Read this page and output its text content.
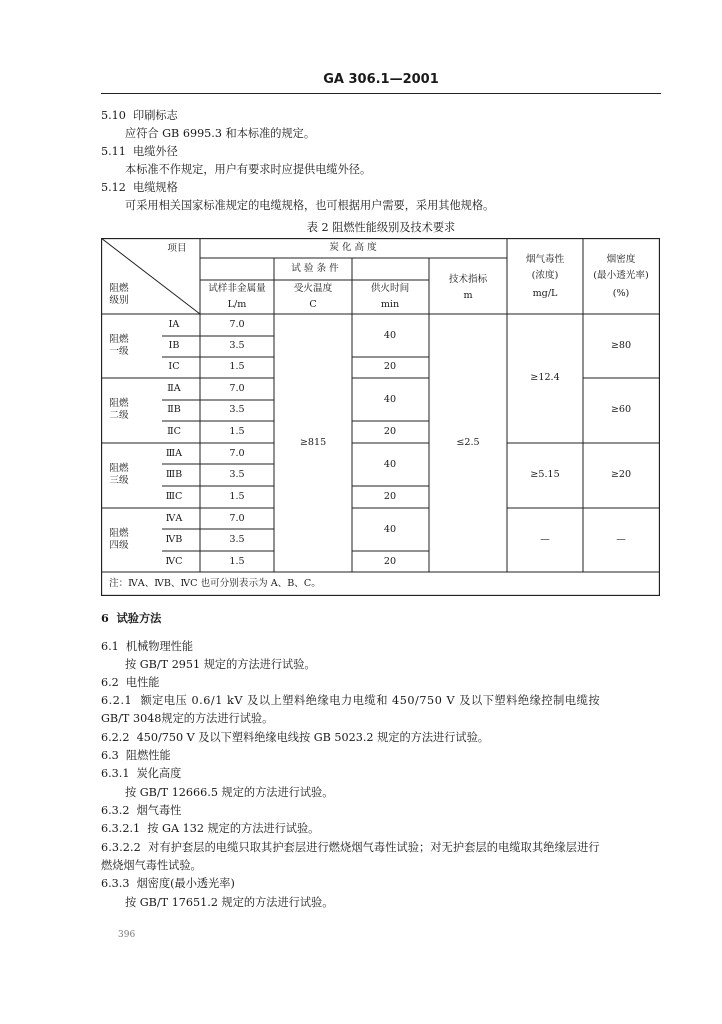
GA 306.1—2001
5.10 印刷标志
应符合 GB 6995.3 和本标准的规定。
5.11 电缆外径
本标准不作规定，用户有要求时应提供电缆外径。
5.12 电缆规格
可采用相关国家标准规定的电缆规格，也可根据用户需要，采用其他规格。
表 2 阻燃性能级别及技术要求
项目
阻燃
级别
炭 化 高 度
试 验 条 件
试样非金属量
L/m
受火温度
C
供火时间
min
技术指标
m
烟气毒性
(浓度)
mg/L
烟密度
(最小透光率)
(%)
阻燃
一级
ⅠA
ⅠB
ⅠC
7.0
3.5
1.5
40
20
≥80
阻燃
二级
ⅡA
ⅡB
ⅡC
7.0
3.5
1.5
40
20
≥60
阻燃
三级
ⅢA
ⅢB
ⅢC
7.0
3.5
1.5
40
20
≥20
阻燃
四级
ⅣA
ⅣB
ⅣC
7.0
3.5
1.5
40
20
—
≥815	≤2.5
≥12.4
≥5.15
—
注：ⅣA、ⅣB、ⅣC 也可分别表示为 A、B、C。
6 试验方法
6.1 机械物理性能
按 GB/T 2951 规定的方法进行试验。
6.2 电性能
6.2.1 额定电压 0.6/1 kV 及以上塑料绝缘电力电缆和 450/750 V 及以下塑料绝缘控制电缆按
GB/T 3048规定的方法进行试验。
6.2.2 450/750 V 及以下塑料绝缘电线按 GB 5023.2 规定的方法进行试验。
6.3 阻燃性能
6.3.1 炭化高度
按 GB/T 12666.5 规定的方法进行试验。
6.3.2 烟气毒性
6.3.2.1 按 GA 132 规定的方法进行试验。
6.3.2.2 对有护套层的电缆只取其护套层进行燃烧烟气毒性试验；对无护套层的电缆取其绝缘层进行
燃烧烟气毒性试验。
6.3.3 烟密度(最小透光率)
按 GB/T 17651.2 规定的方法进行试验。
396
